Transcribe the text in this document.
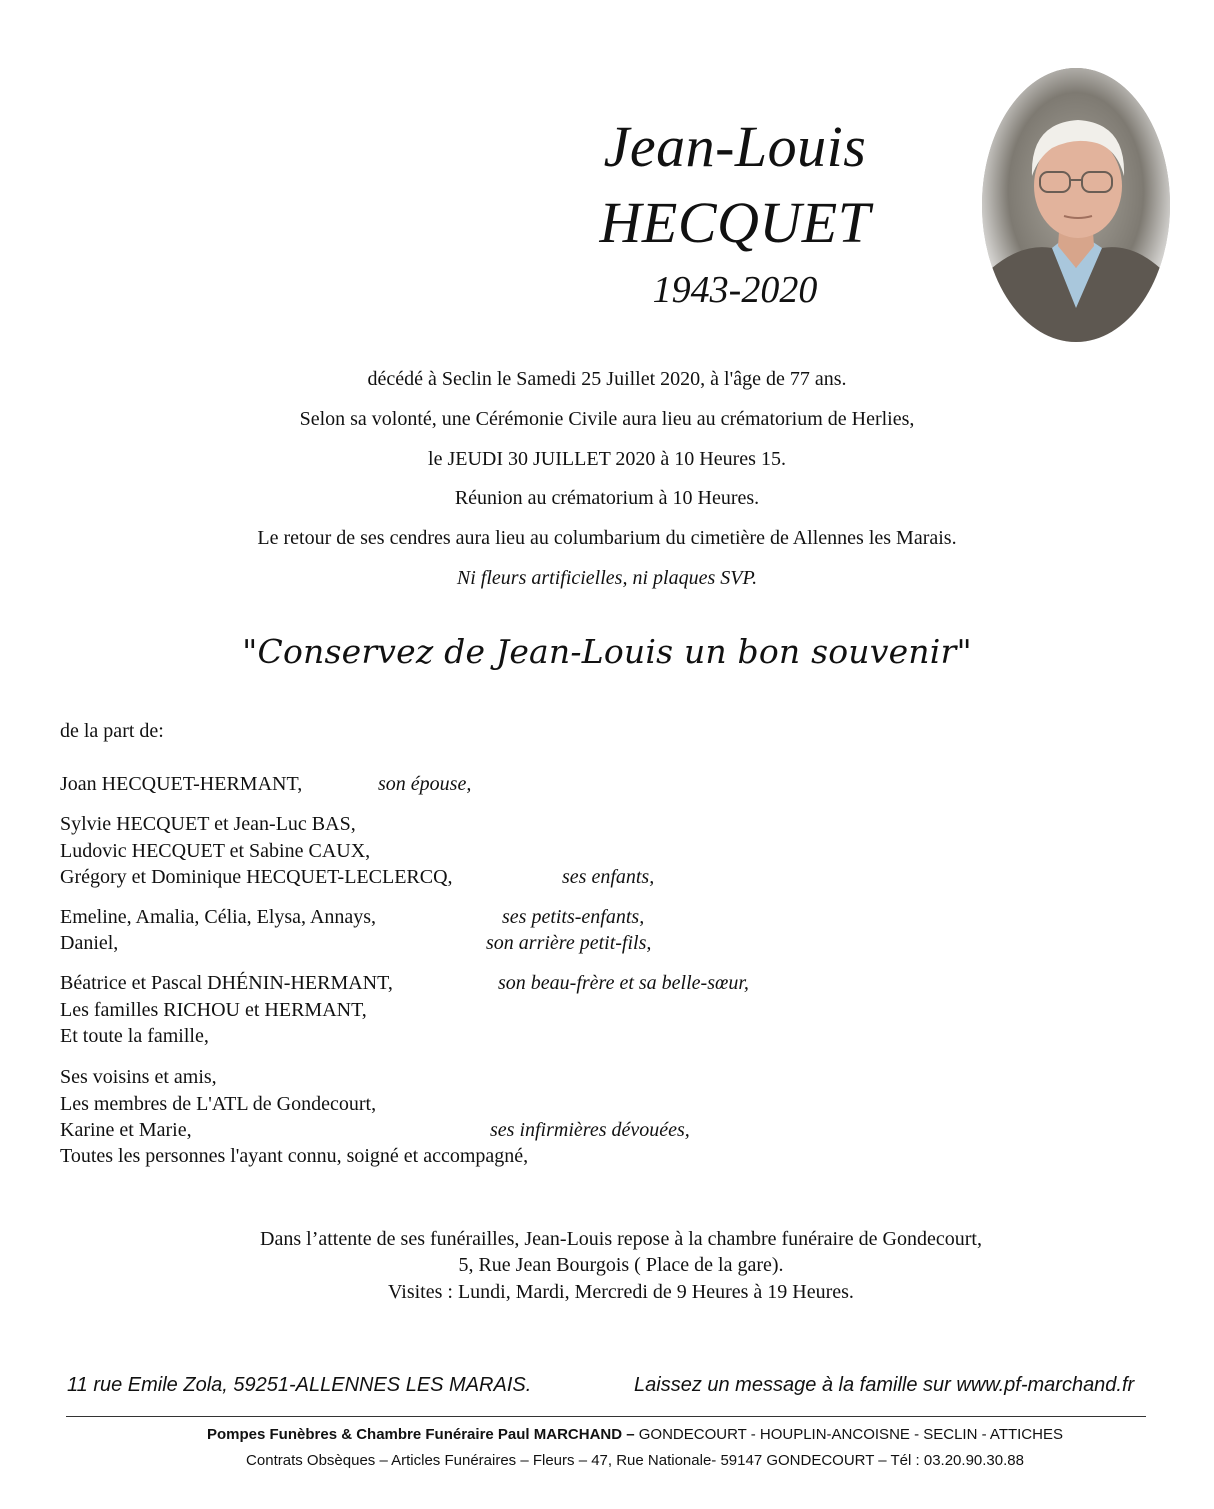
Jean-Louis
HECQUET
1943-2020
décédé à Seclin le Samedi 25 Juillet 2020, à l'âge de 77 ans.
Selon sa volonté, une Cérémonie Civile aura lieu au crématorium de Herlies,
le JEUDI 30 JUILLET 2020 à 10 Heures 15.
Réunion au crématorium à 10 Heures.
Le retour de ses cendres aura lieu au columbarium du cimetière de Allennes les Marais.
Ni fleurs artificielles, ni plaques SVP.
"Conservez de Jean-Louis un bon souvenir"
de la part de:
Joan HECQUET-HERMANT,	son épouse,
Sylvie HECQUET et Jean-Luc BAS,
Ludovic HECQUET et Sabine CAUX,
Grégory et Dominique HECQUET-LECLERCQ,	ses enfants,
Emeline, Amalia, Célia, Elysa, Annays,	ses petits-enfants,
Daniel,	son arrière petit-fils,
Béatrice et Pascal DHÉNIN-HERMANT,	son beau-frère et sa belle-sœur,
Les familles RICHOU et HERMANT,
Et toute la famille,
Ses voisins et amis,
Les membres de L'ATL de Gondecourt,
Karine et Marie,	ses infirmières dévouées,
Toutes les personnes l'ayant connu, soigné et accompagné,
Dans l’attente de ses funérailles, Jean-Louis repose à la chambre funéraire de Gondecourt,
5, Rue Jean Bourgois ( Place de la gare).
Visites : Lundi, Mardi, Mercredi de 9 Heures à 19 Heures.
11 rue Emile Zola, 59251-ALLENNES LES MARAIS.	Laissez un message à la famille sur www.pf-marchand.fr
Pompes Funèbres & Chambre Funéraire Paul MARCHAND – GONDECOURT - HOUPLIN-ANCOISNE - SECLIN - ATTICHES
Contrats Obsèques – Articles Funéraires – Fleurs – 47, Rue Nationale- 59147 GONDECOURT – Tél : 03.20.90.30.88
